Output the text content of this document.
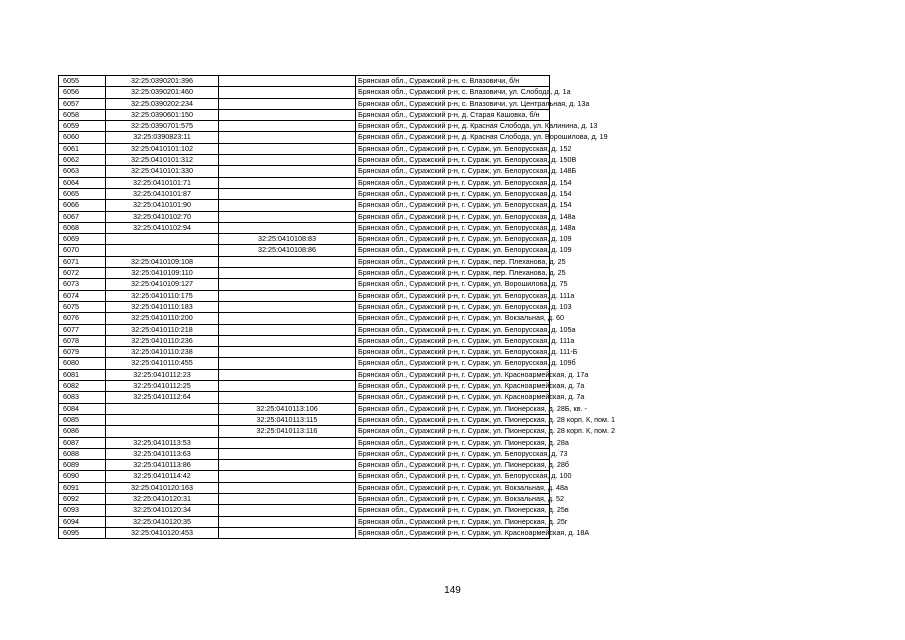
6055	32:25:0390201:396		Брянская обл., Суражский р-н, с. Влазовичи, б/н
6056	32:25:0390201:460		Брянская обл., Суражский р-н, с. Влазовичи, ул. Слобода, д. 1а
6057	32:25:0390202:234		Брянская обл., Суражский р-н, с. Влазовичи, ул. Центральная, д. 13а
6058	32:25:0390601:150		Брянская обл., Суражский р-н, д. Старая Кашовка, б/н
6059	32:25:0390701:575		Брянская обл., Суражский р-н, д. Красная Слобода, ул. Калинина, д. 13
6060	32:25:0390823:11		Брянская обл., Суражский р-н, д. Красная Слобода, ул. Ворошилова, д. 19
6061	32:25:0410101:102		Брянская обл., Суражский р-н, г. Сураж, ул. Белорусская, д. 152
6062	32:25:0410101:312		Брянская обл., Суражский р-н, г. Сураж, ул. Белорусская, д. 150В
6063	32:25:0410101:330		Брянская обл., Суражский р-н, г. Сураж, ул. Белорусская, д. 148Б
6064	32:25:0410101:71		Брянская обл., Суражский р-н, г. Сураж, ул. Белорусская, д. 154
6065	32:25:0410101:87		Брянская обл., Суражский р-н, г. Сураж, ул. Белорусская, д. 154
6066	32:25:0410101:90		Брянская обл., Суражский р-н, г. Сураж, ул. Белорусская, д. 154
6067	32:25:0410102:70		Брянская обл., Суражский р-н, г. Сураж, ул. Белорусская, д. 148а
6068	32:25:0410102:94		Брянская обл., Суражский р-н, г. Сураж, ул. Белорусская, д. 148а
6069		32:25:0410108:83	Брянская обл., Суражский р-н, г. Сураж, ул. Белорусская, д. 109
6070		32:25:0410108:86	Брянская обл., Суражский р-н, г. Сураж, ул. Белорусская, д. 109
6071	32:25:0410109:108		Брянская обл., Суражский р-н, г. Сураж, пер. Плеханова, д. 25
6072	32:25:0410109:110		Брянская обл., Суражский р-н, г. Сураж, пер. Плеханова, д. 25
6073	32:25:0410109:127		Брянская обл., Суражский р-н, г. Сураж, ул. Ворошилова, д. 75
6074	32:25:0410110:175		Брянская обл., Суражский р-н, г. Сураж, ул. Белорусская, д. 111а
6075	32:25:0410110:183		Брянская обл., Суражский р-н, г. Сураж, ул. Белорусская, д. 103
6076	32:25:0410110:200		Брянская обл., Суражский р-н, г. Сураж, ул. Вокзальная, д. 60
6077	32:25:0410110:218		Брянская обл., Суражский р-н, г. Сураж, ул. Белорусская, д. 105а
6078	32:25:0410110:236		Брянская обл., Суражский р-н, г. Сураж, ул. Белорусская, д. 111а
6079	32:25:0410110:238		Брянская обл., Суражский р-н, г. Сураж, ул. Белорусская, д. 111-Б
6080	32:25:0410110:455		Брянская обл., Суражский р-н, г. Сураж, ул. Белорусская, д. 109б
6081	32:25:0410112:23		Брянская обл., Суражский р-н, г. Сураж, ул. Красноармейская, д. 17а
6082	32:25:0410112:25		Брянская обл., Суражский р-н, г. Сураж, ул. Красноармейская, д. 7а
6083	32:25:0410112:64		Брянская обл., Суражский р-н, г. Сураж, ул. Красноармейская, д. 7а
6084		32:25:0410113:106	Брянская обл., Суражский р-н, г. Сураж, ул. Пионерская, д. 28Б, кв. -
6085		32:25:0410113:115	Брянская обл., Суражский р-н, г. Сураж, ул. Пионерская, д. 28 корп. К, пом. 1
6086		32:25:0410113:116	Брянская обл., Суражский р-н, г. Сураж, ул. Пионерская, д. 28 корп. К, пом. 2
6087	32:25:0410113:53		Брянская обл., Суражский р-н, г. Сураж, ул. Пионерская, д. 28а
6088	32:25:0410113:63		Брянская обл., Суражский р-н, г. Сураж, ул. Белорусская, д. 73
6089	32:25:0410113:86		Брянская обл., Суражский р-н, г. Сураж, ул. Пионерская, д. 28б
6090	32:25:0410114:42		Брянская обл., Суражский р-н, г. Сураж, ул. Белорусская, д. 100
6091	32:25:0410120:163		Брянская обл., Суражский р-н, г. Сураж, ул. Вокзальная, д. 48а
6092	32:25:0410120:31		Брянская обл., Суражский р-н, г. Сураж, ул. Вокзальная, д. 52
6093	32:25:0410120:34		Брянская обл., Суражский р-н, г. Сураж, ул. Пионерская, д. 25в
6094	32:25:0410120:35		Брянская обл., Суражский р-н, г. Сураж, ул. Пионерская, д. 25г
6095	32:25:0410120:453		Брянская обл., Суражский р-н, г. Сураж, ул. Красноармейская, д. 18А
149
